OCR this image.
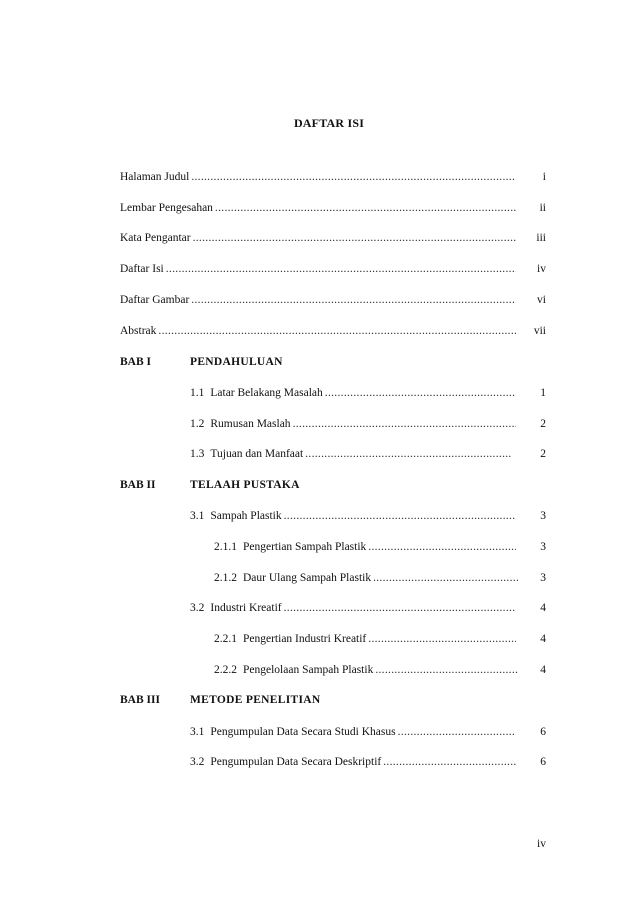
DAFTAR ISI
Halaman Judul .....	i
Lembar Pengesahan .....	ii
Kata Pengantar .....	iii
Daftar Isi .....	iv
Daftar Gambar .....	vi
Abstrak .....	vii
BAB I	PENDAHULUAN
1.1 Latar Belakang Masalah .....	1
1.2 Rumusan Maslah .....	2
1.3 Tujuan dan Manfaat .....	2
BAB II	TELAAH PUSTAKA
3.1 Sampah Plastik .....	3
2.1.1 Pengertian Sampah Plastik .....	3
2.1.2 Daur Ulang Sampah Plastik .....	3
3.2 Industri Kreatif .....	4
2.2.1 Pengertian Industri Kreatif .....	4
2.2.2 Pengelolaan Sampah Plastik .....	4
BAB III	METODE PENELITIAN
3.1 Pengumpulan Data Secara Studi Khasus .....	6
3.2 Pengumpulan Data Secara Deskriptif .....	6
iv
